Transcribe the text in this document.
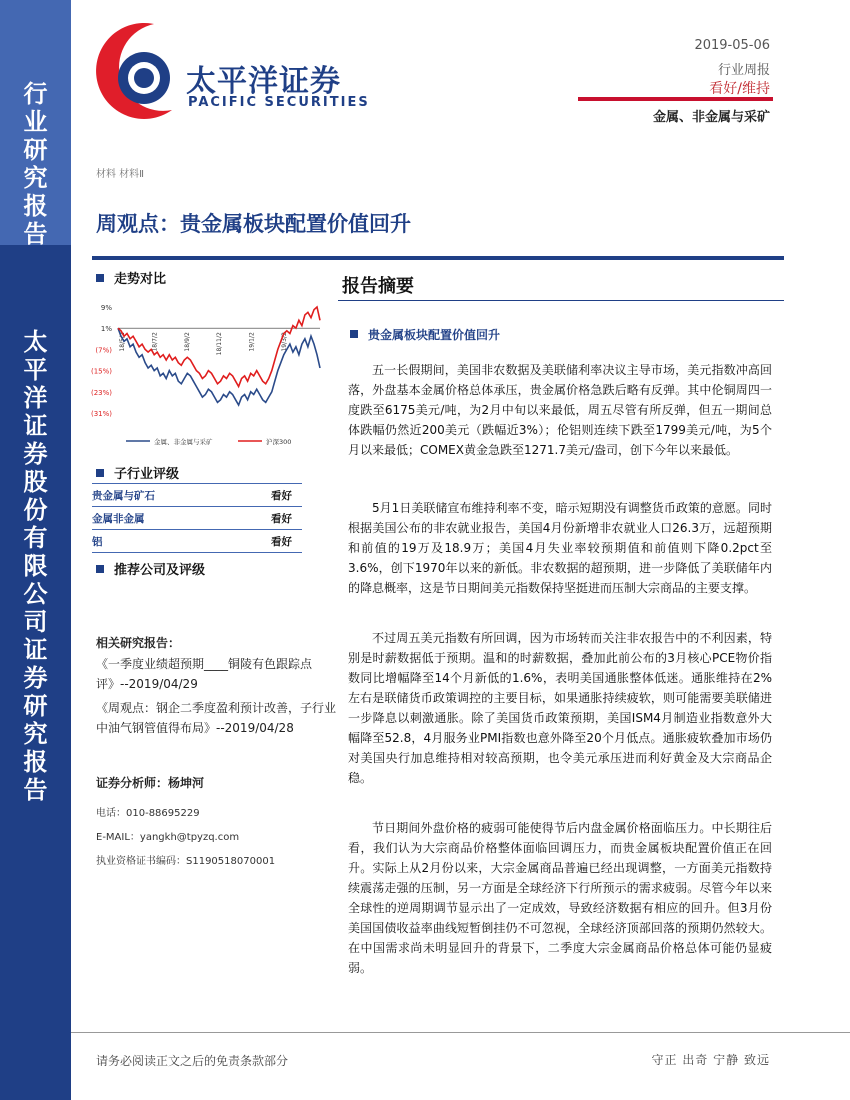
行
业
研
究
报
告
太
平
洋
证
券
股
份
有
限
公
司
证
券
研
究
报
告
太平洋证券
PACIFIC SECURITIES
2019-05-06
行业周报
看好/维持
金属、非金属与采矿
材料 材料Ⅱ
周观点：贵金属板块配置价值回升
走势对比
9%
1%
(7%)
(15%)
(23%)
(31%)
18/5/2	18/7/2	18/9/2	18/11/2	19/1/2	19/3/2
金属、非金属与采矿	沪深300
子行业评级
贵金属与矿石	看好
金属非金属	看好
铝	看好
推荐公司及评级
相关研究报告：
《一季度业绩超预期____铜陵有色跟踪点评》--2019/04/29
《周观点：钢企二季度盈利预计改善，子行业中油气钢管值得布局》--2019/04/28
证券分析师：杨坤河
电话：010-88695229
E-MAIL：yangkh@tpyzq.com
执业资格证书编码：S1190518070001
报告摘要
贵金属板块配置价值回升
五一长假期间，美国非农数据及美联储利率决议主导市场，美元指数冲高回落，外盘基本金属价格总体承压，贵金属价格急跌后略有反弹。其中伦铜周四一度跌至6175美元/吨，为2月中旬以来最低，周五尽管有所反弹，但五一期间总体跌幅仍然近200美元（跌幅近3%）；伦铝则连续下跌至1799美元/吨，为5个月以来最低；COMEX黄金急跌至1271.7美元/盎司，创下今年以来最低。
5月1日美联储宣布维持利率不变，暗示短期没有调整货币政策的意愿。同时根据美国公布的非农就业报告，美国4月份新增非农就业人口26.3万，远超预期和前值的19万及18.9万；美国4月失业率较预期值和前值则下降0.2pct至3.6%，创下1970年以来的新低。非农数据的超预期，进一步降低了美联储年内的降息概率，这是节日期间美元指数保持坚挺进而压制大宗商品的主要支撑。
不过周五美元指数有所回调，因为市场转而关注非农报告中的不利因素，特别是时薪数据低于预期。温和的时薪数据，叠加此前公布的3月核心PCE物价指数同比增幅降至14个月新低的1.6%，表明美国通胀整体低迷。通胀维持在2%左右是联储货币政策调控的主要目标，如果通胀持续疲软，则可能需要美联储进一步降息以刺激通胀。除了美国货币政策预期，美国ISM4月制造业指数意外大幅降至52.8，4月服务业PMI指数也意外降至20个月低点。通胀疲软叠加市场仍对美国央行加息维持相对较高预期，也令美元承压进而利好黄金及大宗商品企稳。
节日期间外盘价格的疲弱可能使得节后内盘金属价格面临压力。中长期往后看，我们认为大宗商品价格整体面临回调压力，而贵金属板块配置价值正在回升。实际上从2月份以来，大宗金属商品普遍已经出现调整，一方面美元指数持续震荡走强的压制，另一方面是全球经济下行所预示的需求疲弱。尽管今年以来全球性的逆周期调节显示出了一定成效，导致经济数据有相应的回升。但3月份美国国债收益率曲线短暂倒挂仍不可忽视，全球经济顶部回落的预期仍然较大。在中国需求尚未明显回升的背景下，二季度大宗金属商品价格总体可能仍显疲弱。
请务必阅读正文之后的免责条款部分	守正 出奇 宁静 致远
